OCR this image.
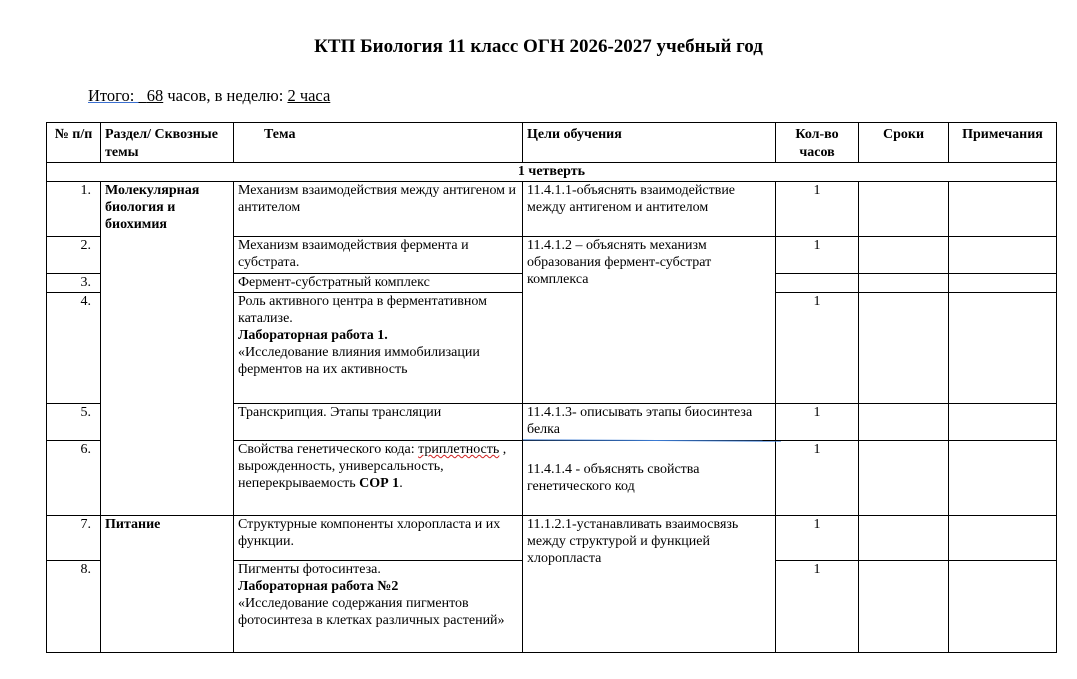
КТП Биология 11 класс ОГН 2026-2027 учебный год
Итого:   68 часов, в неделю: 2 часа
№ п/п	Раздел/ Сквозные темы	Тема	Цели обучения	Кол-во часов	Сроки	Примечания
1 четверть						
1.	Молекулярная биология и биохимия	Механизм взаимодействия между антигеном и антителом	11.4.1.1-объяснять взаимодействие между антигеном и антителом	1		
2.		Механизм взаимодействия фермента и субстрата.	11.4.1.2 – объяснять механизм образования фермент-субстрат комплекса	1		
3.		Фермент-субстратный комплекс				
4.		Роль активного центра в ферментативном катализе.
Лабораторная работа 1.
«Исследование влияния иммобилизации ферментов на их активность		1		
5.		Транскрипция. Этапы трансляции	11.4.1.3- описывать этапы биосинтеза белка	1		
6.		Свойства генетического кода: триплетность , вырожденность, универсальность, неперекрываемость СОР 1.	11.4.1.4 - объяснять свойства генетического код	1		
7.	Питание	Структурные компоненты хлоропласта и их функции.	11.1.2.1-устанавливать взаимосвязь между структурой и функцией хлоропласта	1		
8.		Пигменты фотосинтеза.
Лабораторная работа №2
«Исследование содержания пигментов фотосинтеза в клетках различных растений»		1		
